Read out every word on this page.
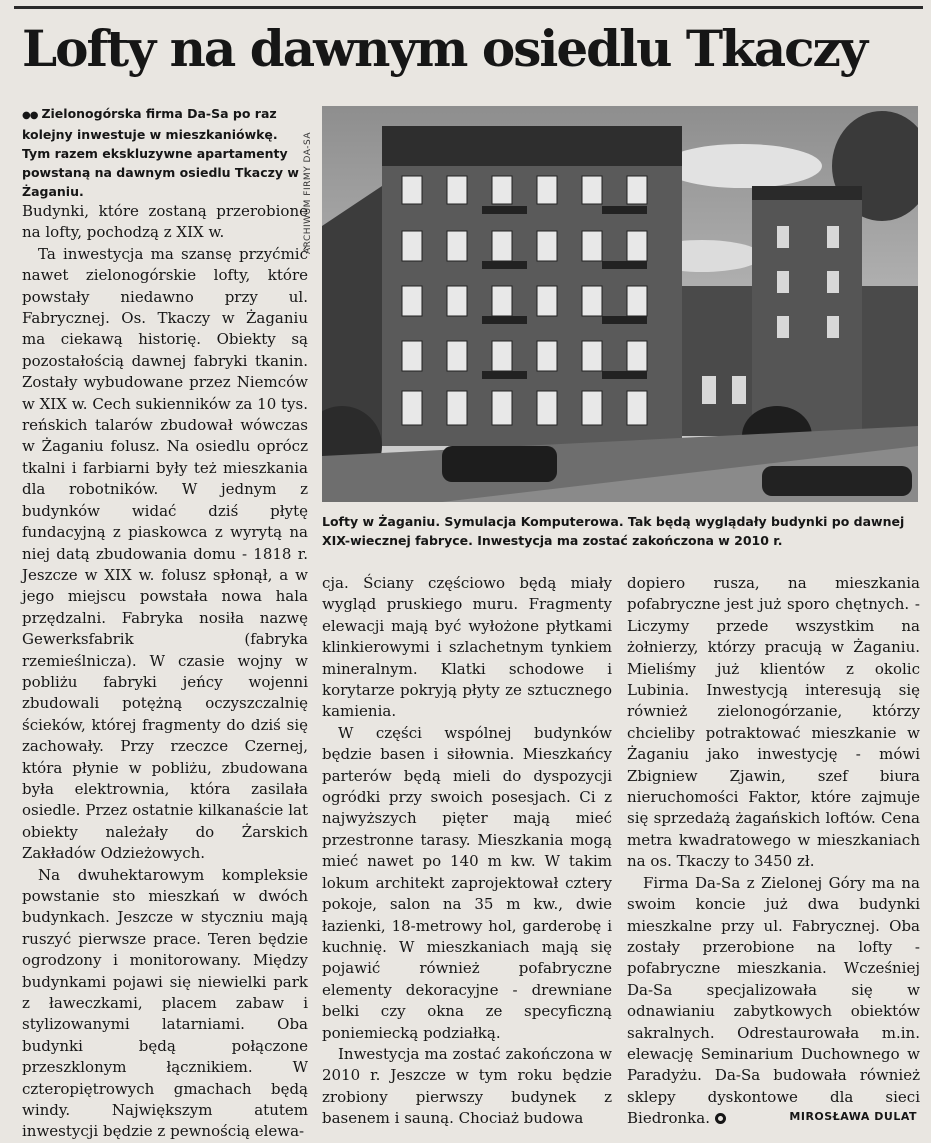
Lofty na dawnym osiedlu Tkaczy

●● Zielonogórska firma Da-Sa po raz kolejny inwestuje w mieszkaniówkę. Tym razem ekskluzywne apartamenty powstaną na dawnym osiedlu Tkaczy w Żaganiu.

Budynki, które zostaną przerobione na lofty, pochodzą z XIX w.

Ta inwestycja ma szansę przyćmić nawet zielonogórskie lofty, które powstały niedawno przy ul. Fabrycznej. Os. Tkaczy w Żaganiu ma ciekawą historię. Obiekty są pozostałością dawnej fabryki tkanin. Zostały wybudowane przez Niemców w XIX w. Cech sukienników za 10 tys. reńskich talarów zbudował wówczas w Żaganiu folusz. Na osiedlu oprócz tkalni i farbiarni były też mieszkania dla robotników. W jednym z budynków widać dziś płytę fundacyjną z piaskowca z wyrytą na niej datą zbudowania domu - 1818 r. Jeszcze w XIX w. folusz spłonął, a w jego miejscu powstała nowa hala przędzalni. Fabryka nosiła nazwę Gewerksfabrik (fabryka rzemieślnicza). W czasie wojny w pobliżu fabryki jeńcy wojenni zbudowali potężną oczyszczalnię ścieków, której fragmenty do dziś się zachowały. Przy rzeczce Czernej, która płynie w pobliżu, zbudowana była elektrownia, która zasilała osiedle. Przez ostatnie kilkanaście lat obiekty należały do Żarskich Zakładów Odzieżowych.

Na dwuhektarowym kompleksie powstanie sto mieszkań w dwóch budynkach. Jeszcze w styczniu mają ruszyć pierwsze prace. Teren będzie ogrodzony i monitorowany. Między budynkami pojawi się niewielki park z ławeczkami, placem zabaw i stylizowanymi latarniami. Oba budynki będą połączone przeszklonym łącznikiem. W czteropiętrowych gmachach będą windy. Największym atutem inwestycji będzie z pewnością elewa-

ARCHIWUM FIRMY DA-SA

Lofty w Żaganiu. Symulacja Komputerowa. Tak będą wyglądały budynki po dawnej XIX-wiecznej fabryce. Inwestycja ma zostać zakończona w 2010 r.

cja. Ściany częściowo będą miały wygląd pruskiego muru. Fragmenty elewacji mają być wyłożone płytkami klinkierowymi i szlachetnym tynkiem mineralnym. Klatki schodowe i korytarze pokryją płyty ze sztucznego kamienia.

W części wspólnej budynków będzie basen i siłownia. Mieszkańcy parterów będą mieli do dyspozycji ogródki przy swoich posesjach. Ci z najwyższych pięter mają mieć przestronne tarasy. Mieszkania mogą mieć nawet po 140 m kw. W takim lokum architekt zaprojektował cztery pokoje, salon na 35 m kw., dwie łazienki, 18-metrowy hol, garderobę i kuchnię. W mieszkaniach mają się pojawić również pofabryczne elementy dekoracyjne - drewniane belki czy okna ze specyficzną poniemiecką podziałką.

Inwestycja ma zostać zakończona w 2010 r. Jeszcze w tym roku będzie zrobiony pierwszy budynek z basenem i sauną. Chociaż budowa

dopiero rusza, na mieszkania pofabryczne jest już sporo chętnych. - Liczymy przede wszystkim na żołnierzy, którzy pracują w Żaganiu. Mieliśmy już klientów z okolic Lubinia. Inwestycją interesują się również zielonogórzanie, którzy chcieliby potraktować mieszkanie w Żaganiu jako inwestycję - mówi Zbigniew Zjawin, szef biura nieruchomości Faktor, które zajmuje się sprzedażą żagańskich loftów. Cena metra kwadratowego w mieszkaniach na os. Tkaczy to 3450 zł.

Firma Da-Sa z Zielonej Góry ma na swoim koncie już dwa budynki mieszkalne przy ul. Fabrycznej. Oba zostały przerobione na lofty - pofabryczne mieszkania. Wcześniej Da-Sa specjalizowała się w odnawianiu zabytkowych obiektów sakralnych. Odrestaurowała m.in. elewację Seminarium Duchownego w Paradyżu. Da-Sa budowała również sklepy dyskontowe dla sieci Biedronka.	MIROSŁAWA DULAT
